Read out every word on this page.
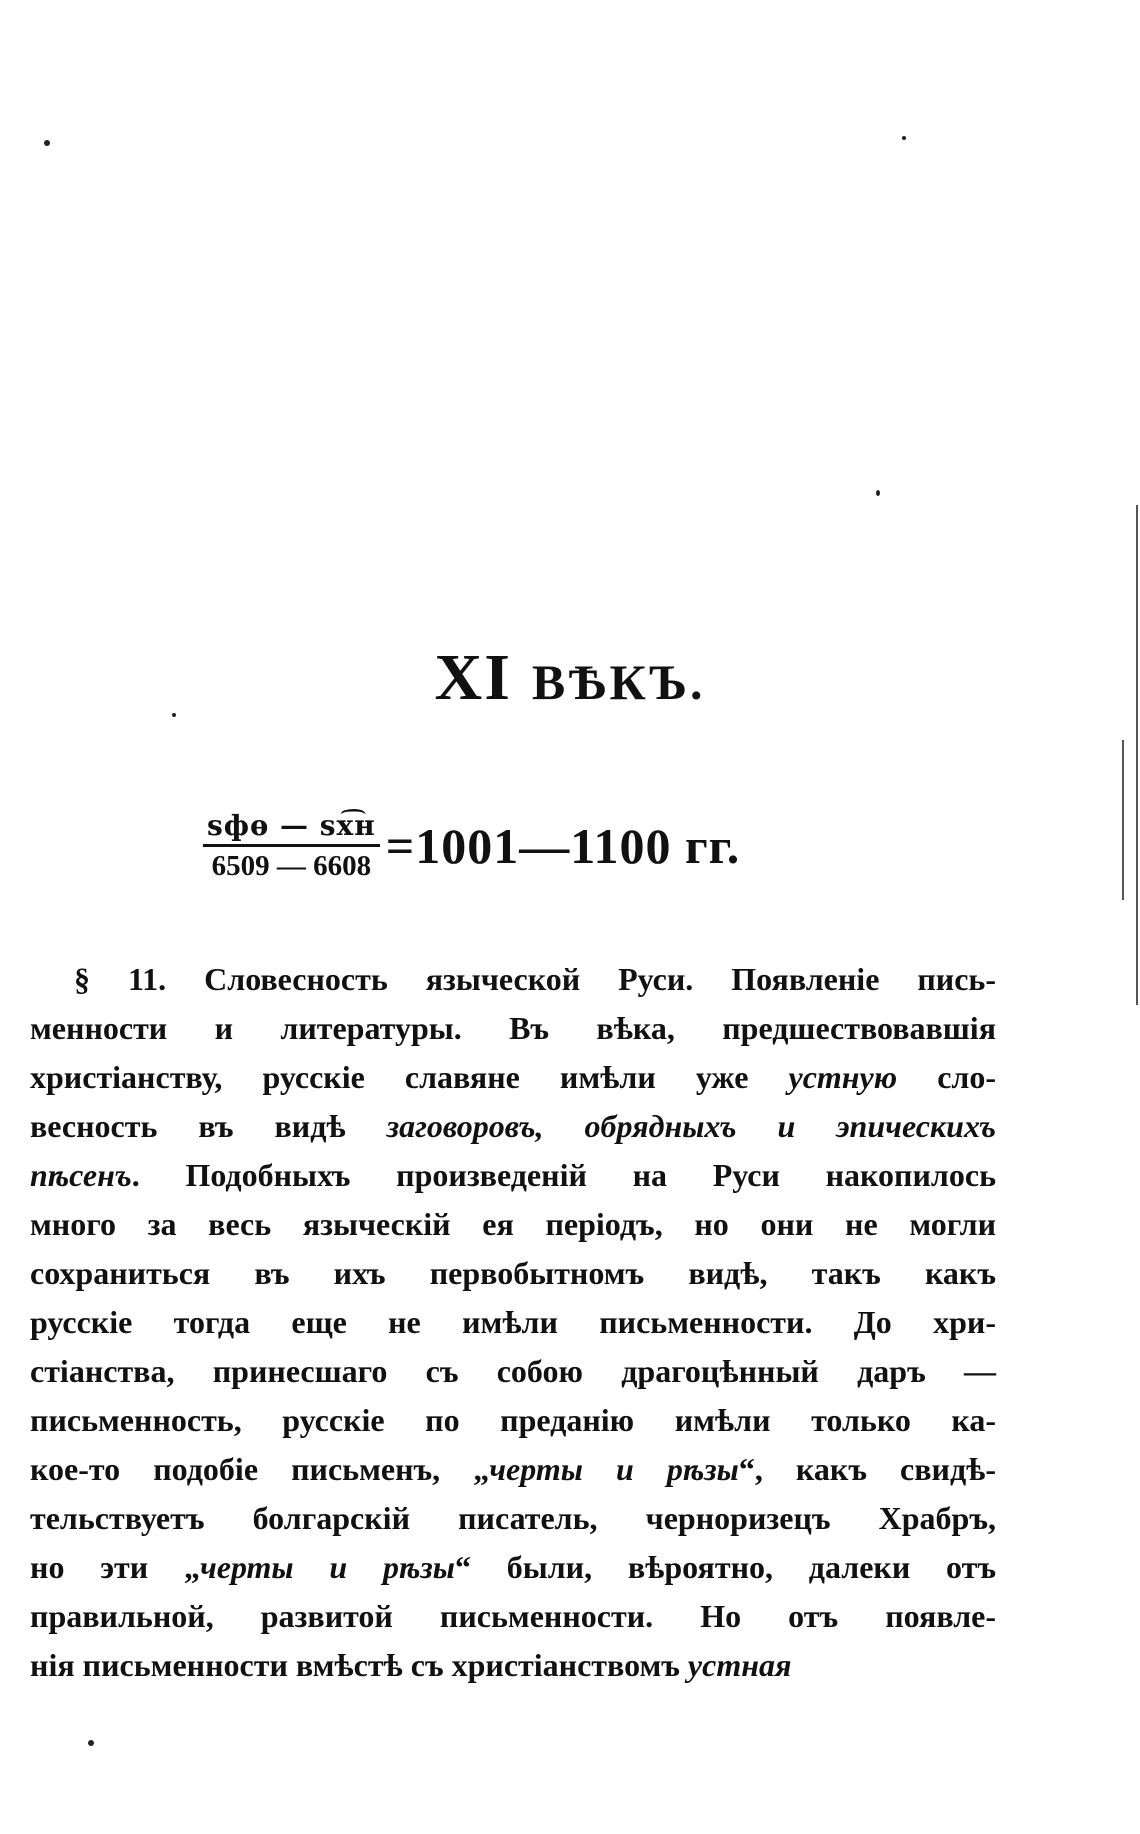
XI ВѢКЪ.
$\frac{\text{ѕфѳ — ѕх͡н}}{6509 — 6608}$ =1001—1100 гг.
§ 11. Словесность языческой Руси. Появленіе пись-
менности и литературы. Въ вѣка, предшествовавшія
христіанству, русскіе славяне имѣли уже устную сло-
весность въ видѣ заговоровъ, обрядныхъ и эпическихъ
пѣсенъ. Подобныхъ произведеній на Руси накопилось
много за весь языческій ея періодъ, но они не могли
сохраниться въ ихъ первобытномъ видѣ, такъ какъ
русскіе тогда еще не имѣли письменности. До хри-
стіанства, принесшаго съ собою драгоцѣнный даръ —
письменность, русскіе по преданію имѣли только ка-
кое-то подобіе письменъ, „черты и рѣзы“, какъ свидѣ-
тельствуетъ болгарскій писатель, черноризецъ Храбръ,
но эти „черты и рѣзы“ были, вѣроятно, далеки отъ
правильной, развитой письменности. Но отъ появле-
нія письменности вмѣстѣ съ христіанствомъ устная
